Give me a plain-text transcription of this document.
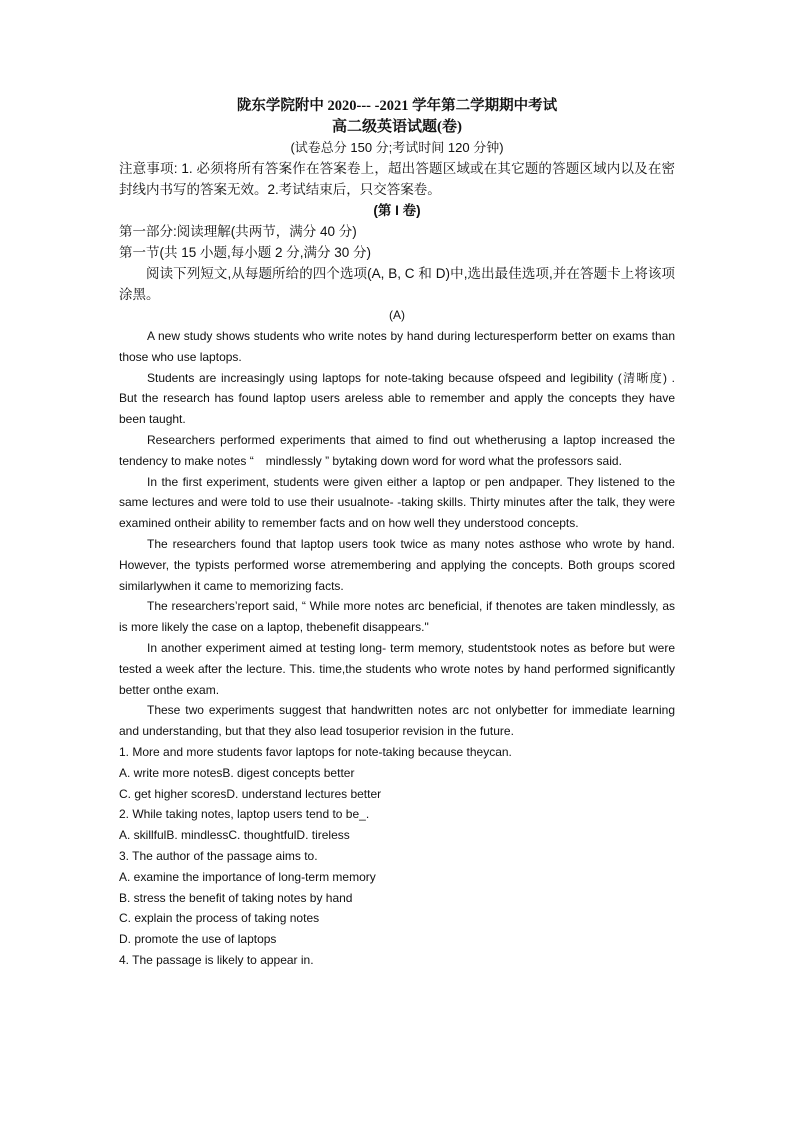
陇东学院附中 2020--- -2021 学年第二学期期中考试
高二级英语试题(卷)
(试卷总分 150 分;考试时间 120 分钟)
注意事项: 1. 必须将所有答案作在答案卷上，超出答题区域或在其它题的答题区域内以及在密封线内书写的答案无效。2.考试结束后，只交答案卷。
(第 I 卷)
第一部分:阅读理解(共两节，满分 40 分)
第一节(共 15 小题,每小题 2 分,满分 30 分)
阅读下列短文,从每题所给的四个选项(A, B, C 和 D)中,选出最佳选项,并在答题卡上将该项涂黑。
(A)

A new study shows students who write notes by hand during lecturesperform better on exams than those who use laptops.

Students are increasingly using laptops for note-taking because ofspeed and legibility (清晰度) . But the research has found laptop users areless able to remember and apply the concepts they have been taught.

Researchers performed experiments that aimed to find out whetherusing a laptop increased the tendency to make notes “　mindlessly ” bytaking down word for word what the professors said.

In the first experiment, students were given either a laptop or pen andpaper. They listened to the same lectures and were told to use their usualnote- -taking skills. Thirty minutes after the talk, they were examined ontheir ability to remember facts and on how well they understood concepts.

The researchers found that laptop users took twice as many notes asthose who wrote by hand. However, the typists performed worse atremembering and applying the concepts. Both groups scored similarlywhen it came to memorizing facts.

The researchers’report said, “ While more notes arc beneficial, if thenotes are taken mindlessly, as is more likely the case on a laptop, thebenefit disappears."

In another experiment aimed at testing long- term memory, studentstook notes as before but were tested a week after the lecture. This. time,the students who wrote notes by hand performed significantly better onthe exam.

These two experiments suggest that handwritten notes arc not onlybetter for immediate learning and understanding, but that they also lead tosuperior revision in the future.

1. More and more students favor laptops for note-taking because theycan.

A. write more notesB. digest concepts better

C. get higher scoresD. understand lectures better

2. While taking notes, laptop users tend to be_.

A. skillfulB. mindlessC. thoughtfulD. tireless

3. The author of the passage aims to.

A. examine the importance of long-term memory

B. stress the benefit of taking notes by hand

C. explain the process of taking notes

D. promote the use of laptops

4. The passage is likely to appear in.
